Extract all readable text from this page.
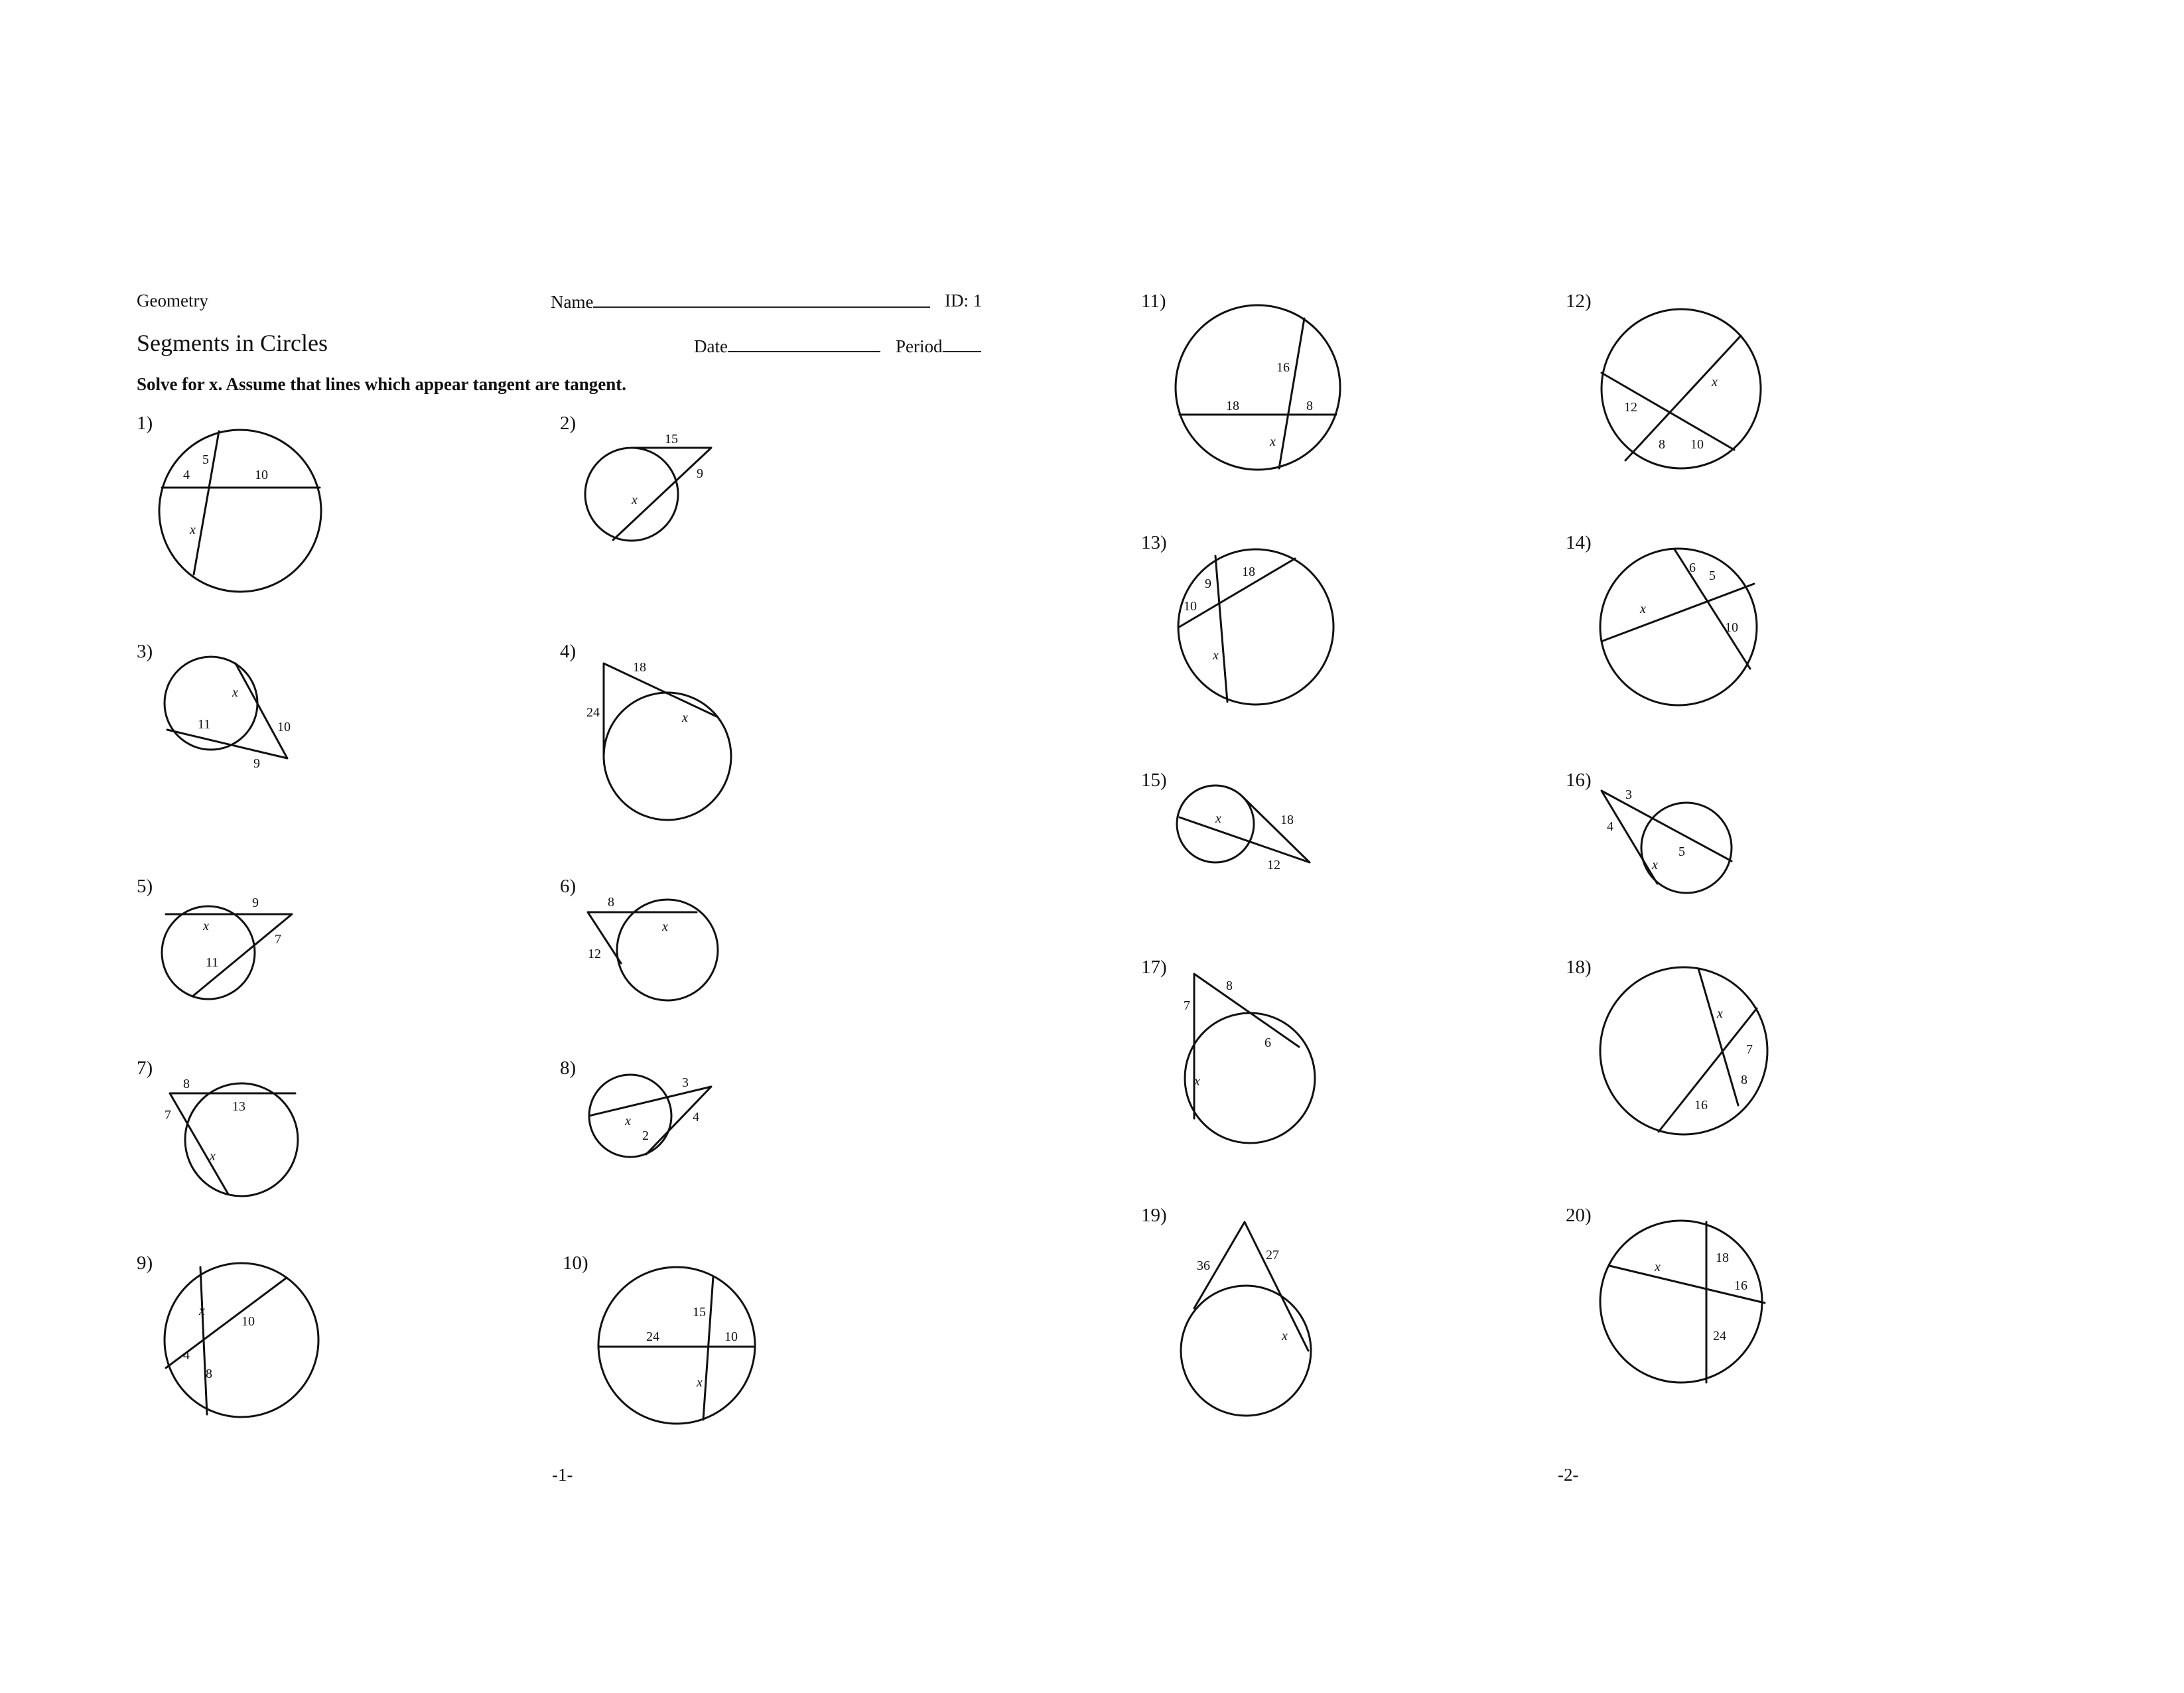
Geometry	Name	ID: 1
Segments in Circles	Date	Period
Solve for x. Assume that lines which appear tangent are tangent.
1)	2)
3)	4)
5)	6)
7)	8)
9)	10)
11)	12)
13)	14)
15)	16)
17)	18)
19)	20)
-1-	-2-
5
4	10
x
15
9
x
x
10
11
9
18
24	x
9
x
7
11
8
x
12
8
13
7
x
3
x	4
2
x
10
4
8
15
24	10
x
16
18	8
x
x
12
8 10
18
9
10
x
6
5
x
10
x	18
12
3
4
5
x
8
7
6
x
x
7
8
16
36
27
x
18
x
16
24
